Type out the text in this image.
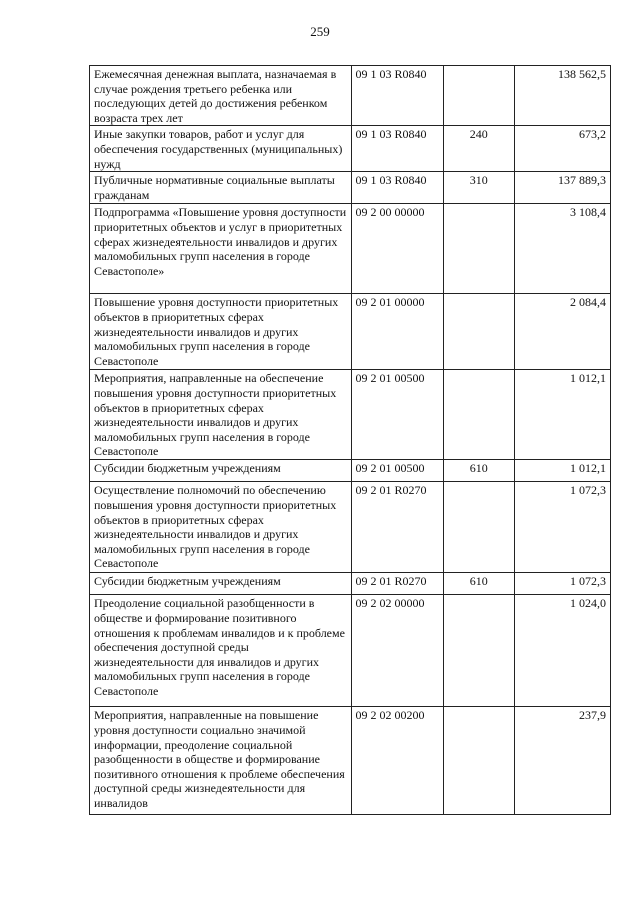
259
Ежемесячная денежная выплата, назначаемая в случае рождения третьего ребенка или последующих детей до достижения ребенком возраста трех лет	09 1 03 R0840		138 562,5
Иные закупки товаров, работ и услуг для обеспечения государственных (муниципальных) нужд	09 1 03 R0840	240	673,2
Публичные нормативные социальные выплаты гражданам	09 1 03 R0840	310	137 889,3
Подпрограмма «Повышение уровня доступности приоритетных объектов и услуг в приоритетных сферах жизнедеятельности инвалидов и других маломобильных групп населения в городе Севастополе»	09 2 00 00000		3 108,4
Повышение уровня доступности приоритетных объектов в приоритетных сферах жизнедеятельности инвалидов и других маломобильных групп населения в городе Севастополе	09 2 01 00000		2 084,4
Мероприятия, направленные на обеспечение повышения уровня доступности приоритетных объектов в приоритетных сферах жизнедеятельности инвалидов и других маломобильных групп населения в городе Севастополе	09 2 01 00500		1 012,1
Субсидии бюджетным учреждениям	09 2 01 00500	610	1 012,1
Осуществление полномочий по обеспечению повышения уровня доступности приоритетных объектов в приоритетных сферах жизнедеятельности инвалидов и других маломобильных групп населения в городе Севастополе	09 2 01 R0270		1 072,3
Субсидии бюджетным учреждениям	09 2 01 R0270	610	1 072,3
Преодоление социальной разобщенности в обществе и формирование позитивного отношения к проблемам инвалидов и к проблеме обеспечения доступной среды жизнедеятельности для инвалидов и других маломобильных групп населения в городе Севастополе	09 2 02 00000		1 024,0
Мероприятия, направленные на повышение уровня доступности социально значимой информации, преодоление социальной разобщенности в обществе и формирование позитивного отношения к проблеме обеспечения доступной среды жизнедеятельности для инвалидов	09 2 02 00200		237,9
